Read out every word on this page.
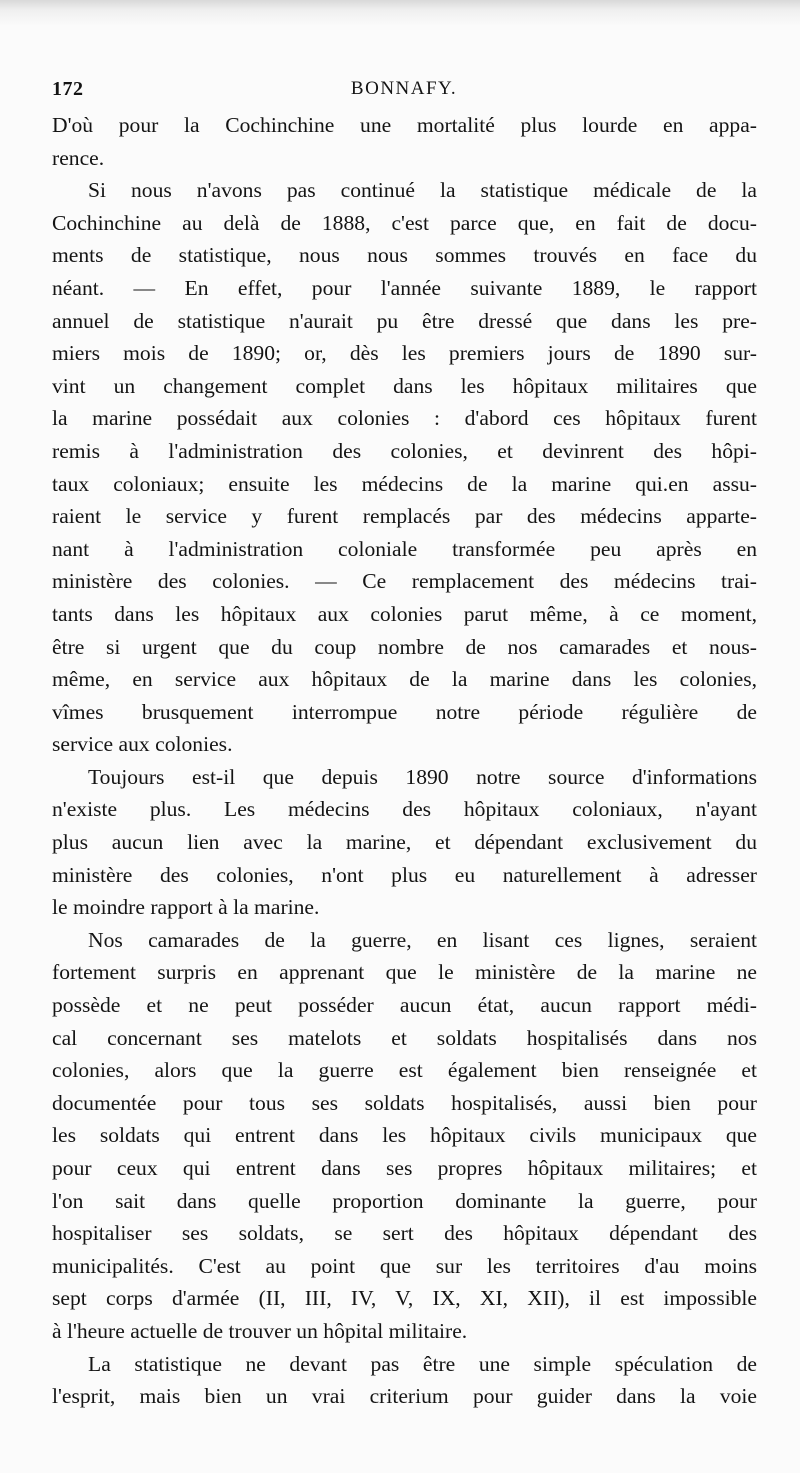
172	BONNAFY.
D'où pour la Cochinchine une mortalité plus lourde en appa-
rence.
Si nous n'avons pas continué la statistique médicale de la
Cochinchine au delà de 1888, c'est parce que, en fait de docu-
ments de statistique, nous nous sommes trouvés en face du
néant. — En effet, pour l'année suivante 1889, le rapport
annuel de statistique n'aurait pu être dressé que dans les pre-
miers mois de 1890; or, dès les premiers jours de 1890 sur-
vint un changement complet dans les hôpitaux militaires que
la marine possédait aux colonies : d'abord ces hôpitaux furent
remis à l'administration des colonies, et devinrent des hôpi-
taux coloniaux; ensuite les médecins de la marine qui.en assu-
raient le service y furent remplacés par des médecins apparte-
nant à l'administration coloniale transformée peu après en
ministère des colonies. — Ce remplacement des médecins trai-
tants dans les hôpitaux aux colonies parut même, à ce moment,
être si urgent que du coup nombre de nos camarades et nous-
même, en service aux hôpitaux de la marine dans les colonies,
vîmes brusquement interrompue notre période régulière de
service aux colonies.
Toujours est-il que depuis 1890 notre source d'informations
n'existe plus. Les médecins des hôpitaux coloniaux, n'ayant
plus aucun lien avec la marine, et dépendant exclusivement du
ministère des colonies, n'ont plus eu naturellement à adresser
le moindre rapport à la marine.
Nos camarades de la guerre, en lisant ces lignes, seraient
fortement surpris en apprenant que le ministère de la marine ne
possède et ne peut posséder aucun état, aucun rapport médi-
cal concernant ses matelots et soldats hospitalisés dans nos
colonies, alors que la guerre est également bien renseignée et
documentée pour tous ses soldats hospitalisés, aussi bien pour
les soldats qui entrent dans les hôpitaux civils municipaux que
pour ceux qui entrent dans ses propres hôpitaux militaires; et
l'on sait dans quelle proportion dominante la guerre, pour
hospitaliser ses soldats, se sert des hôpitaux dépendant des
municipalités. C'est au point que sur les territoires d'au moins
sept corps d'armée (II, III, IV, V, IX, XI, XII), il est impossible
à l'heure actuelle de trouver un hôpital militaire.
La statistique ne devant pas être une simple spéculation de
l'esprit, mais bien un vrai criterium pour guider dans la voie
